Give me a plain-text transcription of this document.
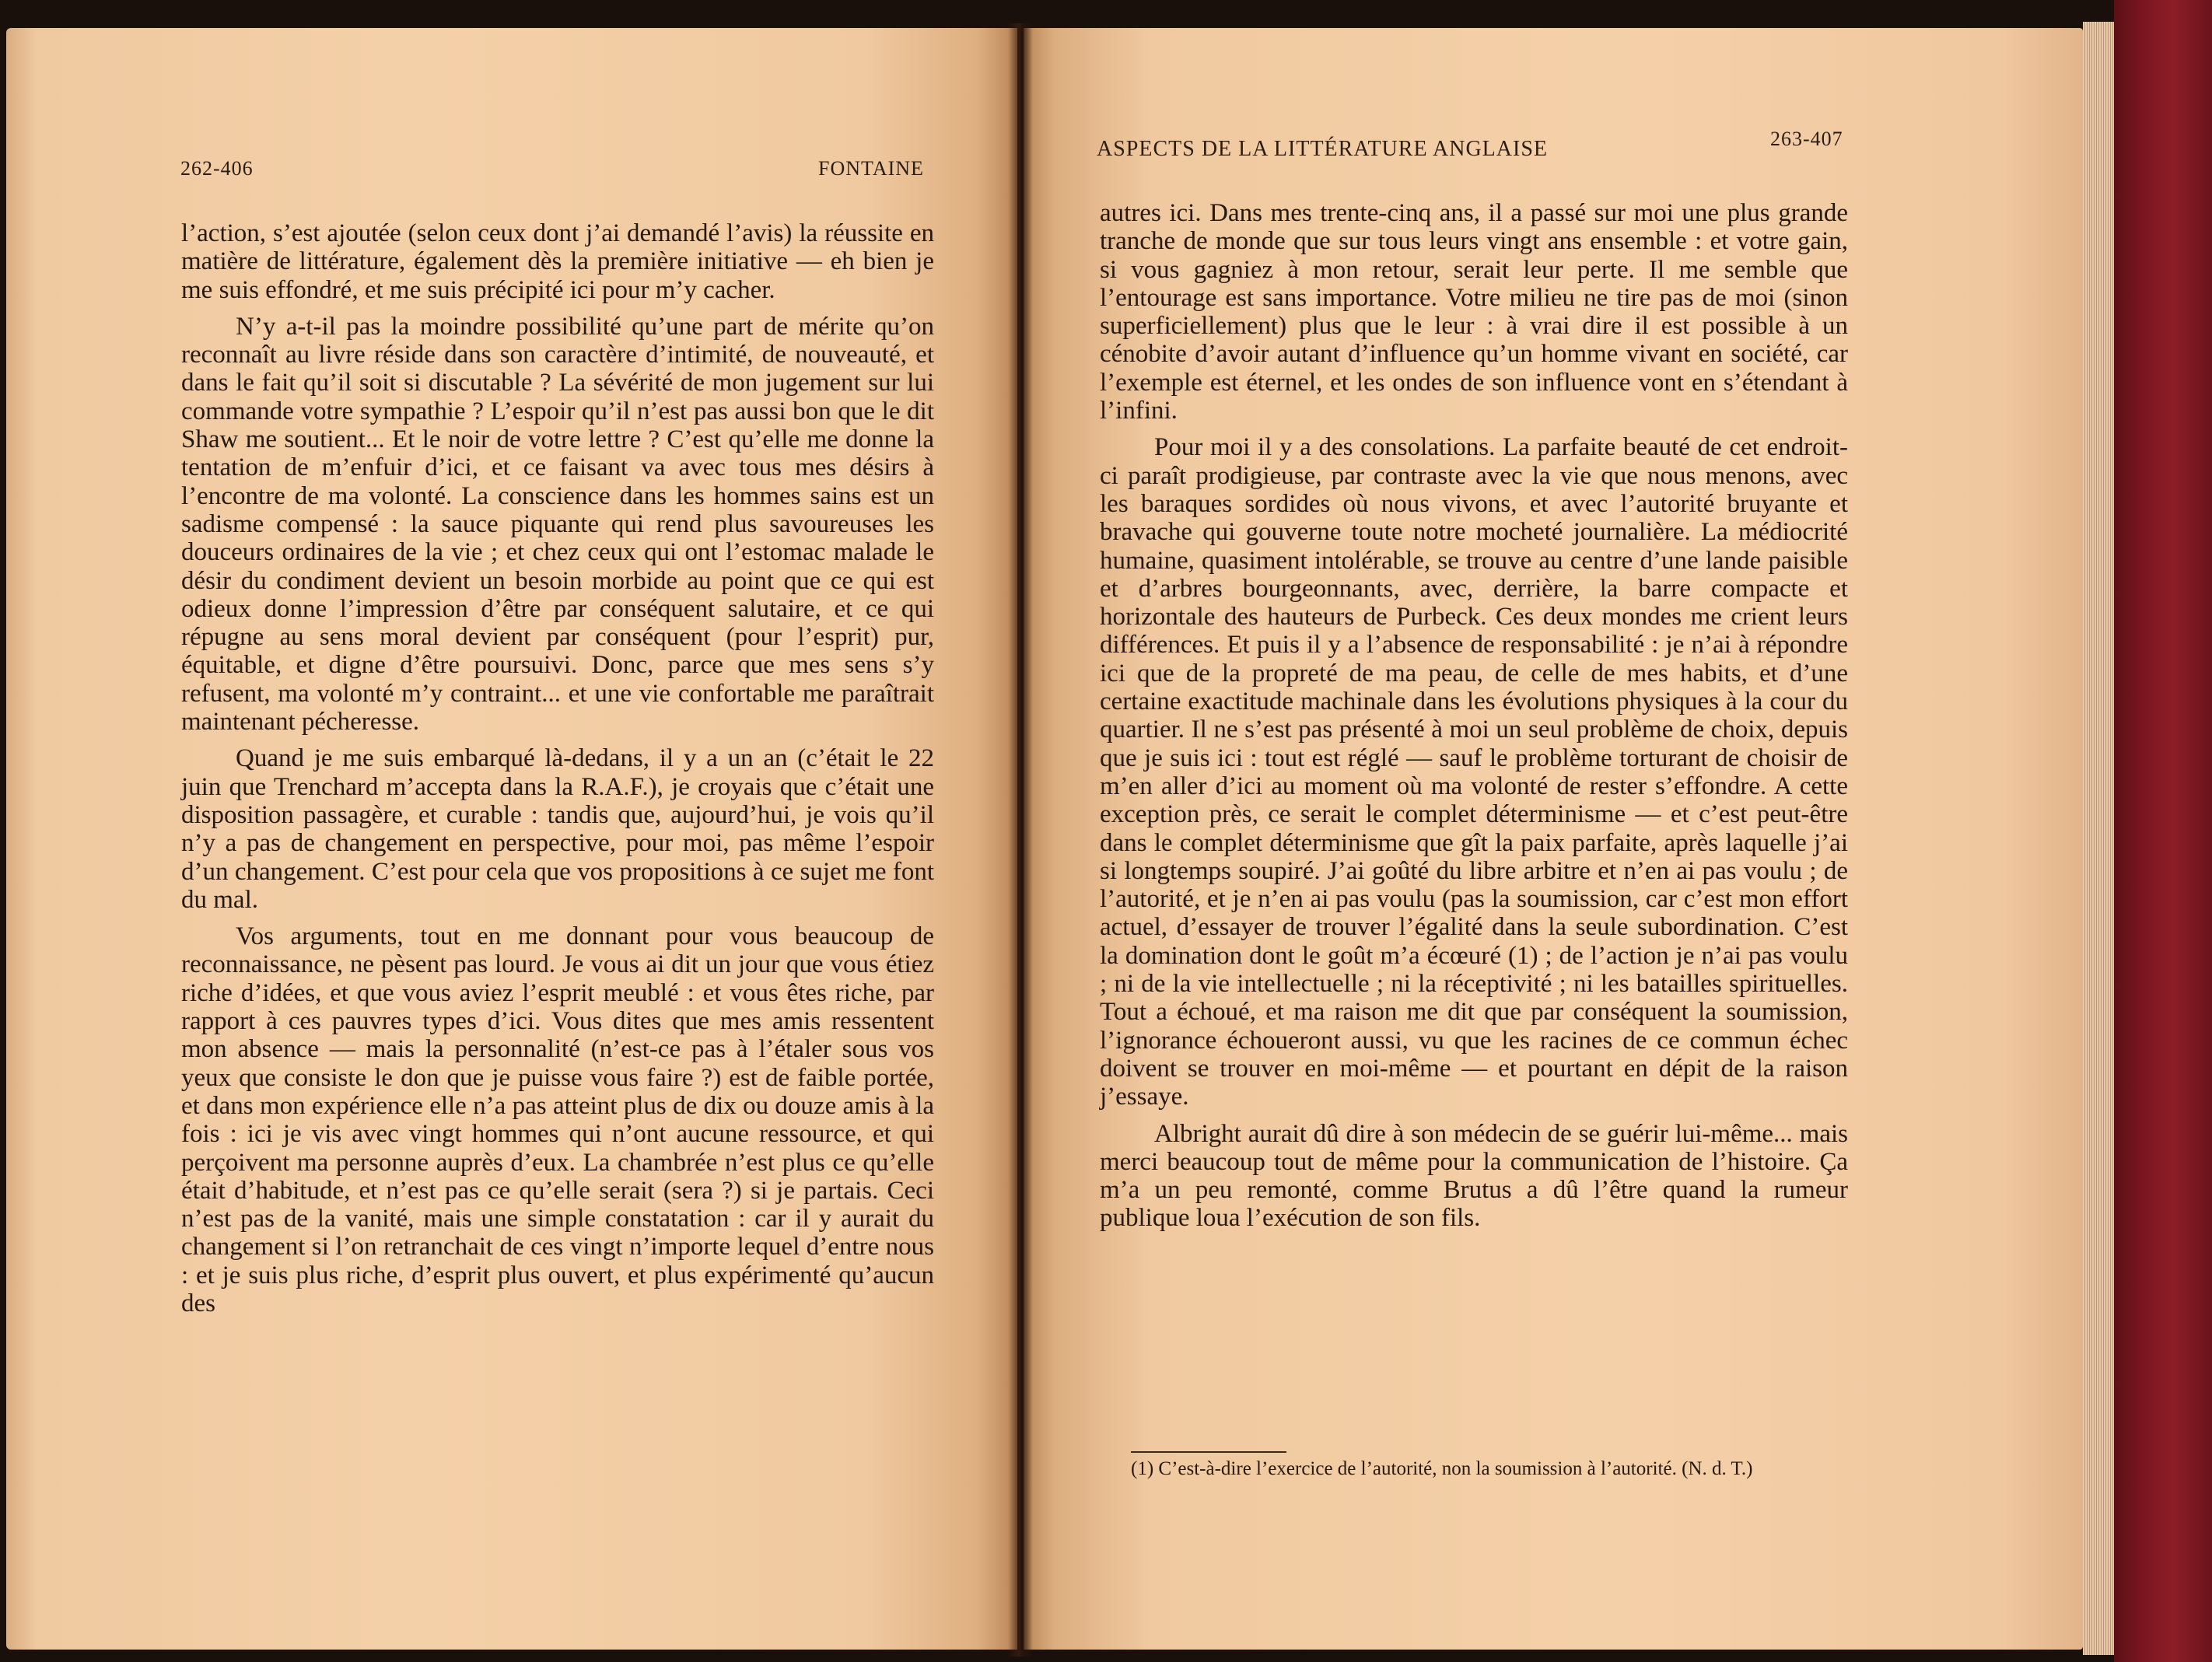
262-406	FONTAINE

l’action, s’est ajoutée (selon ceux dont j’ai demandé l’avis) la réussite en matière de littérature, également dès la première initiative — eh bien je me suis effondré, et me suis précipité ici pour m’y cacher.

N’y a-t-il pas la moindre possibilité qu’une part de mérite qu’on reconnaît au livre réside dans son caractère d’intimité, de nouveauté, et dans le fait qu’il soit si discutable ? La sévérité de mon jugement sur lui commande votre sympathie ? L’espoir qu’il n’est pas aussi bon que le dit Shaw me soutient... Et le noir de votre lettre ? C’est qu’elle me donne la tentation de m’enfuir d’ici, et ce faisant va avec tous mes désirs à l’encontre de ma volonté. La conscience dans les hommes sains est un sadisme compensé : la sauce piquante qui rend plus savoureuses les douceurs ordinaires de la vie ; et chez ceux qui ont l’estomac malade le désir du condiment devient un besoin morbide au point que ce qui est odieux donne l’impression d’être par conséquent salutaire, et ce qui répugne au sens moral devient par conséquent (pour l’esprit) pur, équitable, et digne d’être poursuivi. Donc, parce que mes sens s’y refusent, ma volonté m’y contraint... et une vie confortable me paraîtrait maintenant pécheresse.

Quand je me suis embarqué là-dedans, il y a un an (c’était le 22 juin que Trenchard m’accepta dans la R.A.F.), je croyais que c’était une disposition passagère, et curable : tandis que, aujourd’hui, je vois qu’il n’y a pas de changement en perspective, pour moi, pas même l’espoir d’un changement. C’est pour cela que vos propositions à ce sujet me font du mal.

Vos arguments, tout en me donnant pour vous beaucoup de reconnaissance, ne pèsent pas lourd. Je vous ai dit un jour que vous étiez riche d’idées, et que vous aviez l’esprit meublé : et vous êtes riche, par rapport à ces pauvres types d’ici. Vous dites que mes amis ressentent mon absence — mais la personnalité (n’est-ce pas à l’étaler sous vos yeux que consiste le don que je puisse vous faire ?) est de faible portée, et dans mon expérience elle n’a pas atteint plus de dix ou douze amis à la fois : ici je vis avec vingt hommes qui n’ont aucune ressource, et qui perçoivent ma personne auprès d’eux. La chambrée n’est plus ce qu’elle était d’habitude, et n’est pas ce qu’elle serait (sera ?) si je partais. Ceci n’est pas de la vanité, mais une simple constatation : car il y aurait du changement si l’on retranchait de ces vingt n’importe lequel d’entre nous : et je suis plus riche, d’esprit plus ouvert, et plus expérimenté qu’aucun des

ASPECTS DE LA LITTÉRATURE ANGLAISE	263-407

autres ici. Dans mes trente-cinq ans, il a passé sur moi une plus grande tranche de monde que sur tous leurs vingt ans ensemble : et votre gain, si vous gagniez à mon retour, serait leur perte. Il me semble que l’entourage est sans importance. Votre milieu ne tire pas de moi (sinon superficiellement) plus que le leur : à vrai dire il est possible à un cénobite d’avoir autant d’influence qu’un homme vivant en société, car l’exemple est éternel, et les ondes de son influence vont en s’étendant à l’infini.

Pour moi il y a des consolations. La parfaite beauté de cet endroit-ci paraît prodigieuse, par contraste avec la vie que nous menons, avec les baraques sordides où nous vivons, et avec l’autorité bruyante et bravache qui gouverne toute notre mocheté journalière. La médiocrité humaine, quasiment intolérable, se trouve au centre d’une lande paisible et d’arbres bourgeonnants, avec, derrière, la barre compacte et horizontale des hauteurs de Purbeck. Ces deux mondes me crient leurs différences. Et puis il y a l’absence de responsabilité : je n’ai à répondre ici que de la propreté de ma peau, de celle de mes habits, et d’une certaine exactitude machinale dans les évolutions physiques à la cour du quartier. Il ne s’est pas présenté à moi un seul problème de choix, depuis que je suis ici : tout est réglé — sauf le problème torturant de choisir de m’en aller d’ici au moment où ma volonté de rester s’effondre. A cette exception près, ce serait le complet déterminisme — et c’est peut-être dans le complet déterminisme que gît la paix parfaite, après laquelle j’ai si longtemps soupiré. J’ai goûté du libre arbitre et n’en ai pas voulu ; de l’autorité, et je n’en ai pas voulu (pas la soumission, car c’est mon effort actuel, d’essayer de trouver l’égalité dans la seule subordination. C’est la domination dont le goût m’a écœuré (1) ; de l’action je n’ai pas voulu ; ni de la vie intellectuelle ; ni la réceptivité ; ni les batailles spirituelles. Tout a échoué, et ma raison me dit que par conséquent la soumission, l’ignorance échoueront aussi, vu que les racines de ce commun échec doivent se trouver en moi-même — et pourtant en dépit de la raison j’essaye.

Albright aurait dû dire à son médecin de se guérir lui-même... mais merci beaucoup tout de même pour la communication de l’histoire. Ça m’a un peu remonté, comme Brutus a dû l’être quand la rumeur publique loua l’exécution de son fils.

(1) C’est-à-dire l’exercice de l’autorité, non la soumission à l’autorité. (N. d. T.)
